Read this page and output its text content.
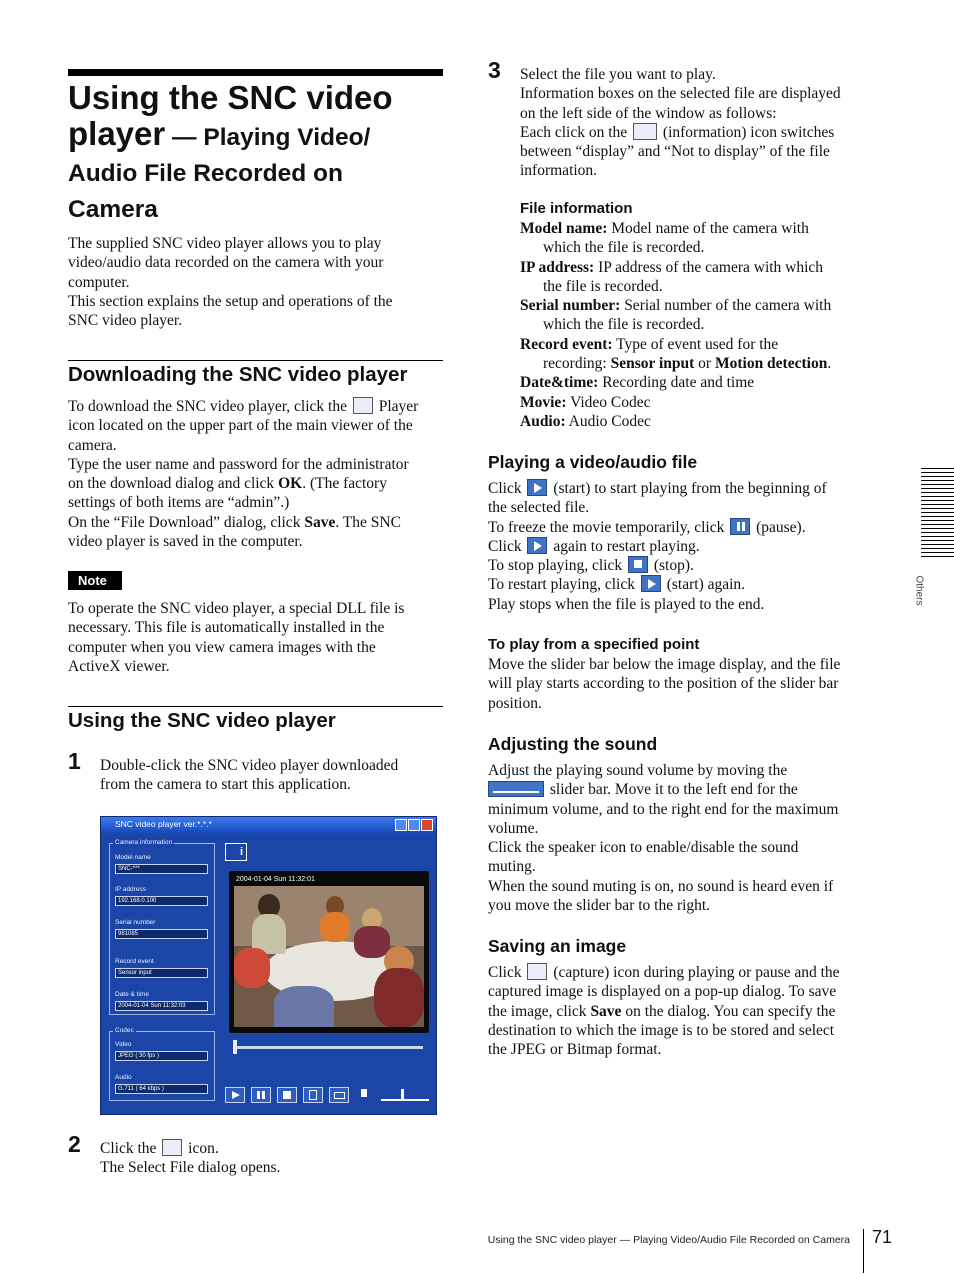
Using the SNC video
player — Playing Video/
Audio File Recorded on
Camera

The supplied SNC video player allows you to play

video/audio data recorded on the camera with your

computer.

This section explains the setup and operations of the

SNC video player.

Downloading the SNC video player

To download the SNC video player, click the Player

icon located on the upper part of the main viewer of the

camera.

Type the user name and password for the administrator

on the download dialog and click OK. (The factory

settings of both items are “admin”.)

On the “File Download” dialog, click Save. The SNC

video player is saved in the computer.

Note

To operate the SNC video player, a special DLL file is

necessary. This file is automatically installed in the

computer when you view camera images with the

ActiveX viewer.

Using the SNC video player
1 Double-click the SNC video player downloaded

from the camera to start this application.

SNC video player ver.*.*.*
Camera information
Model name
SNC-***
IP address
192.168.0.100
Serial number
981085
Record event
Sensor input
Date & time
2004-01-04 Sun 11:32:03
Codec
Video
JPEG ( 30 fps )
Audio
G.711 ( 64 kbps )
i
2004-01-04 Sun 11:32:01
2 Click the icon.

The Select File dialog opens.

3 Select the file you want to play.

Information boxes on the selected file are displayed

on the left side of the window as follows:

Each click on the (information) icon switches

between “display” and “Not to display” of the file

information.

File information

Model name: Model name of the camera with

which the file is recorded.

IP address: IP address of the camera with which

the file is recorded.

Serial number: Serial number of the camera with

which the file is recorded.

Record event: Type of event used for the

recording: Sensor input or Motion detection.

Date&time: Recording date and time

Movie: Video Codec

Audio: Audio Codec

Playing a video/audio file

Click (start) to start playing from the beginning of

the selected file.

To freeze the movie temporarily, click (pause).

Click again to restart playing.

To stop playing, click (stop).

To restart playing, click (start) again.

Play stops when the file is played to the end.

To play from a specified point

Move the slider bar below the image display, and the file

will play starts according to the position of the slider bar

position.

Adjusting the sound

Adjust the playing sound volume by moving the

slider bar. Move it to the left end for the

minimum volume, and to the right end for the maximum

volume.

Click the speaker icon to enable/disable the sound

muting.

When the sound muting is on, no sound is heard even if

you move the slider bar to the right.

Saving an image

Click (capture) icon during playing or pause and the

captured image is displayed on a pop-up dialog. To save

the image, click Save on the dialog. You can specify the

destination to which the image is to be stored and select

the JPEG or Bitmap format.

Others
Using the SNC video player — Playing Video/Audio File Recorded on Camera 71
